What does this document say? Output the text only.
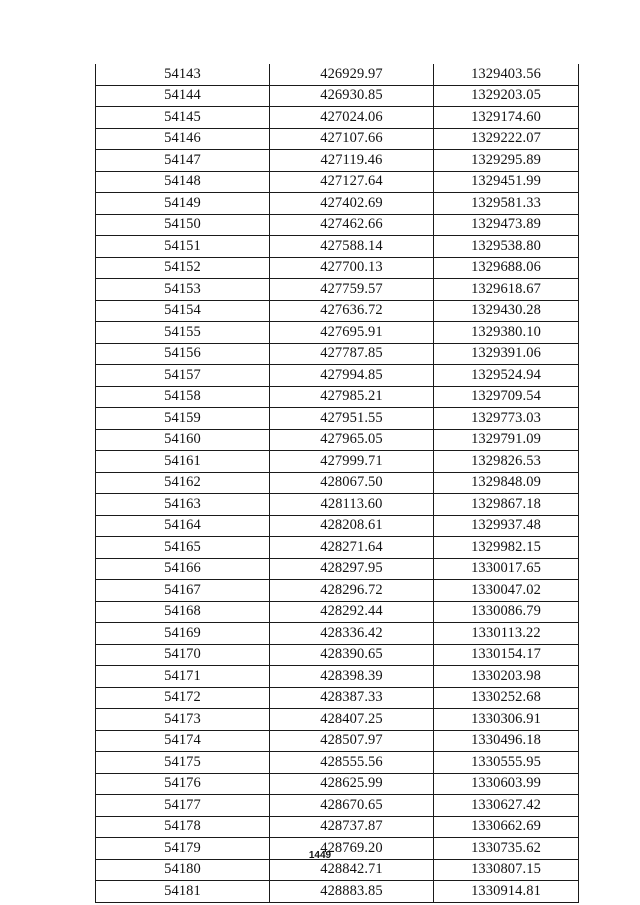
54143	426929.97	1329403.56
54144	426930.85	1329203.05
54145	427024.06	1329174.60
54146	427107.66	1329222.07
54147	427119.46	1329295.89
54148	427127.64	1329451.99
54149	427402.69	1329581.33
54150	427462.66	1329473.89
54151	427588.14	1329538.80
54152	427700.13	1329688.06
54153	427759.57	1329618.67
54154	427636.72	1329430.28
54155	427695.91	1329380.10
54156	427787.85	1329391.06
54157	427994.85	1329524.94
54158	427985.21	1329709.54
54159	427951.55	1329773.03
54160	427965.05	1329791.09
54161	427999.71	1329826.53
54162	428067.50	1329848.09
54163	428113.60	1329867.18
54164	428208.61	1329937.48
54165	428271.64	1329982.15
54166	428297.95	1330017.65
54167	428296.72	1330047.02
54168	428292.44	1330086.79
54169	428336.42	1330113.22
54170	428390.65	1330154.17
54171	428398.39	1330203.98
54172	428387.33	1330252.68
54173	428407.25	1330306.91
54174	428507.97	1330496.18
54175	428555.56	1330555.95
54176	428625.99	1330603.99
54177	428670.65	1330627.42
54178	428737.87	1330662.69
54179	428769.20	1330735.62
54180	428842.71	1330807.15
54181	428883.85	1330914.81
1449
